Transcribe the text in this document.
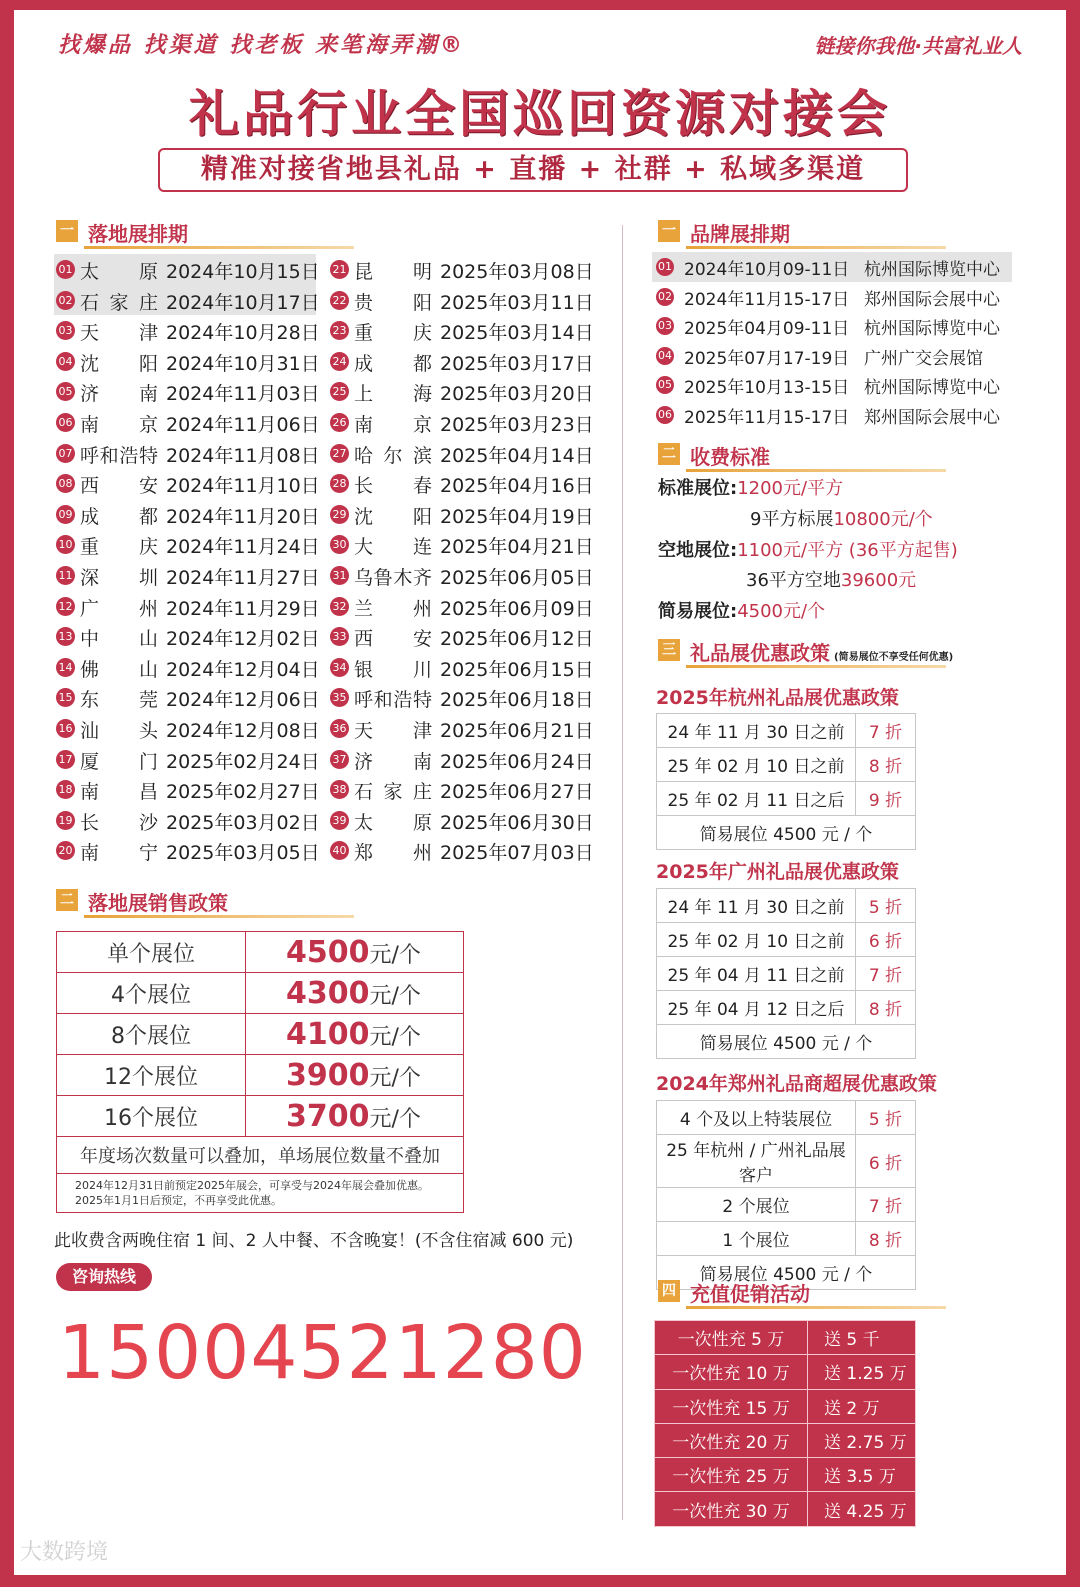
找爆品 找渠道 找老板 来笔海弄潮®	链接你我他·共富礼业人
礼品行业全国巡回资源对接会
精准对接省地县礼品 + 直播 + 社群 + 私域多渠道
一 落地展排期
01 太原 2024年10月15日
02 石家庄 2024年10月17日
03 天津 2024年10月28日
04 沈阳 2024年10月31日
05 济南 2024年11月03日
06 南京 2024年11月06日
07 呼和浩特 2024年11月08日
08 西安 2024年11月10日
09 成都 2024年11月20日
10 重庆 2024年11月24日
11 深圳 2024年11月27日
12 广州 2024年11月29日
13 中山 2024年12月02日
14 佛山 2024年12月04日
15 东莞 2024年12月06日
16 汕头 2024年12月08日
17 厦门 2025年02月24日
18 南昌 2025年02月27日
19 长沙 2025年03月02日
20 南宁 2025年03月05日
21 昆明 2025年03月08日
22 贵阳 2025年03月11日
23 重庆 2025年03月14日
24 成都 2025年03月17日
25 上海 2025年03月20日
26 南京 2025年03月23日
27 哈尔滨 2025年04月14日
28 长春 2025年04月16日
29 沈阳 2025年04月19日
30 大连 2025年04月21日
31 乌鲁木齐 2025年06月05日
32 兰州 2025年06月09日
33 西安 2025年06月12日
34 银川 2025年06月15日
35 呼和浩特 2025年06月18日
36 天津 2025年06月21日
37 济南 2025年06月24日
38 石家庄 2025年06月27日
39 太原 2025年06月30日
40 郑州 2025年07月03日
二 落地展销售政策
单个展位	4500元/个
4个展位	4300元/个
8个展位	4100元/个
12个展位	3900元/个
16个展位	3700元/个
年度场次数量可以叠加，单场展位数量不叠加	

2024年12月31日前预定2025年展会，可享受与2024年展会叠加优惠。
2025年1月1日后预定，不再享受此优惠。	
此收费含两晚住宿 1 间、2 人中餐、不含晚宴！(不含住宿减 600 元)
咨询热线
15004521280
一 品牌展排期
01 2024年10月09-11日 杭州国际博览中心
02 2024年11月15-17日 郑州国际会展中心
03 2025年04月09-11日 杭州国际博览中心
04 2025年07月17-19日 广州广交会展馆
05 2025年10月13-15日 杭州国际博览中心
06 2025年11月15-17日 郑州国际会展中心
二 收费标准
标准展位:1200元/平方
9平方标展10800元/个
空地展位:1100元/平方 (36平方起售)
36平方空地39600元
简易展位:4500元/个
三 礼品展优惠政策 (简易展位不享受任何优惠)
2025年杭州礼品展优惠政策
24 年 11 月 30 日之前	7 折
25 年 02 月 10 日之前	8 折
25 年 02 月 11 日之后	9 折
简易展位 4500 元 / 个	
2025年广州礼品展优惠政策
24 年 11 月 30 日之前	5 折
25 年 02 月 10 日之前	6 折
25 年 04 月 11 日之前	7 折
25 年 04 月 12 日之后	8 折
简易展位 4500 元 / 个	
2024年郑州礼品商超展优惠政策
4 个及以上特装展位	5 折
25 年杭州 / 广州礼品展客户	6 折
2 个展位	7 折
1 个展位	8 折
简易展位 4500 元 / 个	
四 充值促销活动
一次性充 5 万	送 5 千
一次性充 10 万	送 1.25 万
一次性充 15 万	送 2 万
一次性充 20 万	送 2.75 万
一次性充 25 万	送 3.5 万
一次性充 30 万	送 4.25 万
大数跨境
